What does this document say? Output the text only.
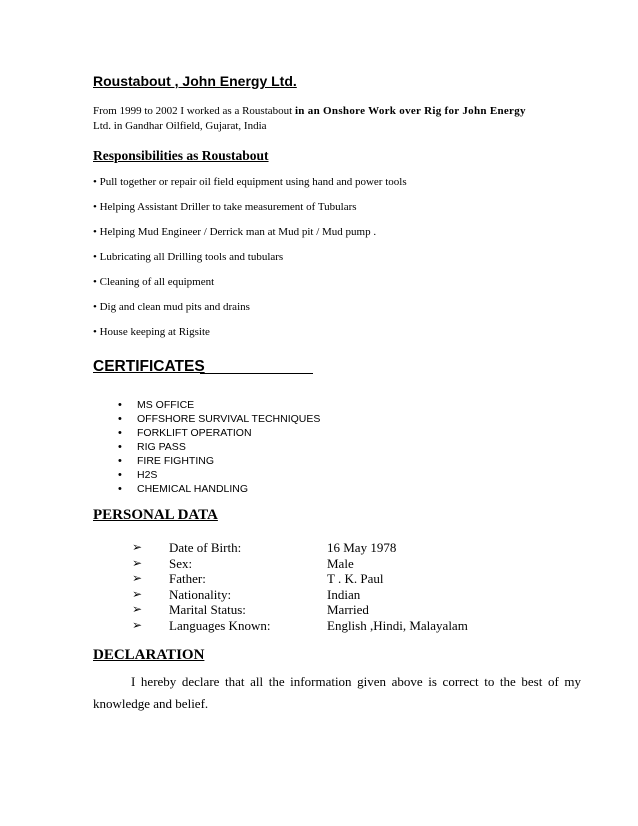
Roustabout , John Energy Ltd.
From 1999 to 2002 I worked as a Roustabout in an Onshore Work over Rig for John Energy
Ltd. in Gandhar Oilfield, Gujarat, India
Responsibilities as Roustabout
• Pull together or repair oil field equipment using hand and power tools
• Helping Assistant Driller to take measurement of Tubulars
• Helping Mud Engineer / Derrick man at Mud pit / Mud pump .
• Lubricating all Drilling tools and tubulars
• Cleaning of all equipment
• Dig and clean mud pits and drains
• House keeping at Rigsite
CERTIFICATES
• MS OFFICE
• OFFSHORE SURVIVAL TECHNIQUES
• FORKLIFT OPERATION
• RIG PASS
• FIRE FIGHTING
• H2S
• CHEMICAL HANDLING
PERSONAL DATA
➢ Date of Birth:	16 May 1978
➢ Sex:	Male
➢ Father:	T . K. Paul
➢ Nationality:	Indian
➢ Marital Status:	Married
➢ Languages Known:	English ,Hindi, Malayalam
DECLARATION
I hereby declare that all the information given above is correct to the best of my knowledge and belief.
